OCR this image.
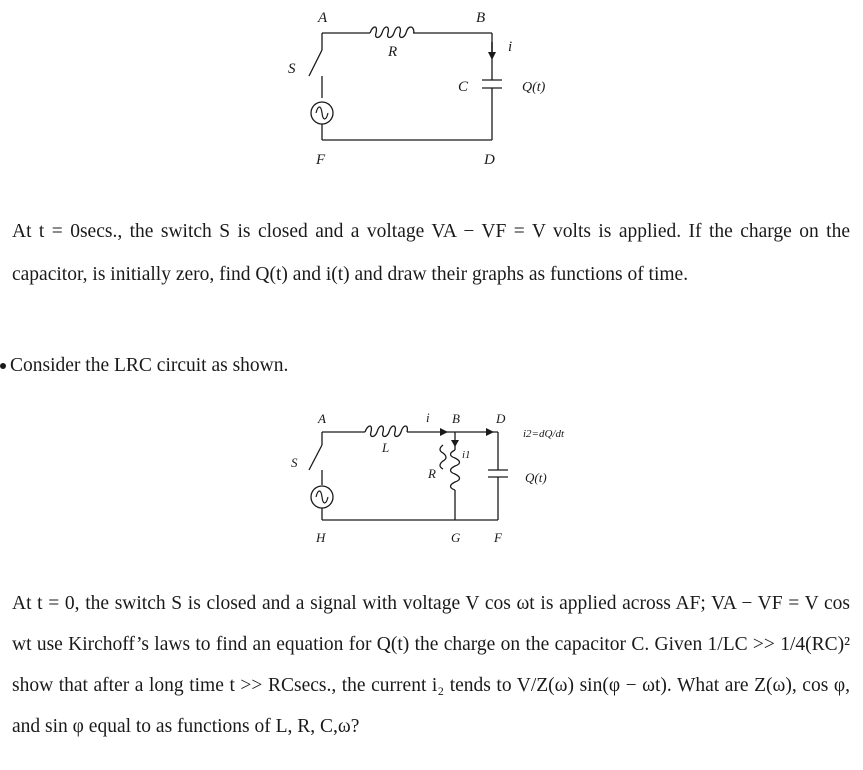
A	B
R	i
S
C	Q(t)
F	D
At t = 0secs., the switch S is closed and a voltage VA − VF = V volts is applied. If the charge on the capacitor, is initially zero, find Q(t) and i(t) and draw their graphs as functions of time.
Consider the LRC circuit as shown.
A	i B	D
i2=dQ/dt
L	i1
S
R	Q(t)
H	G	F
At t = 0, the switch S is closed and a signal with voltage V cos ωt is applied across AF; VA − VF = V cos wt use Kirchoff’s laws to find an equation for Q(t) the charge on the capacitor C. Given 1/LC >> 1/4(RC)² show that after a long time t >> RCsecs., the current i₂ tends to V/Z(ω) sin(φ − ωt). What are Z(ω), cos φ, and sin φ equal to as functions of L, R, C,ω?
